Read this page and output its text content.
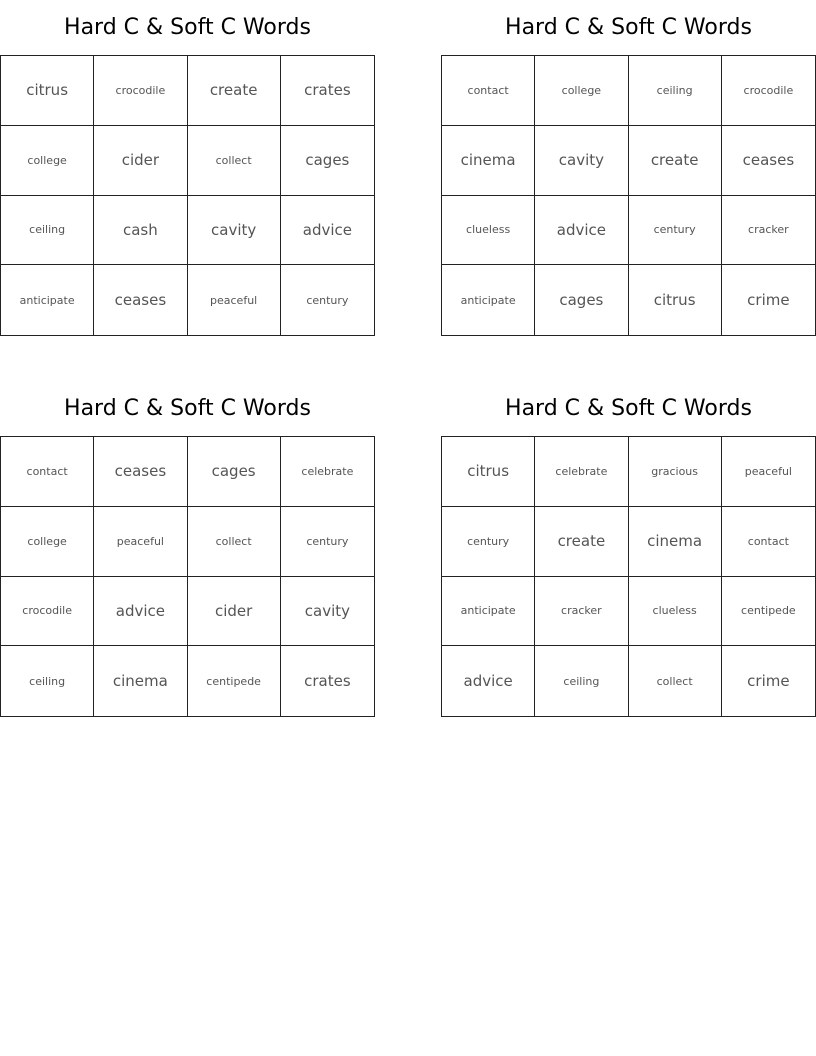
Hard C & Soft C Words
citrus	crocodile	create	crates
college	cider	collect	cages
ceiling	cash	cavity	advice
anticipate	ceases	peaceful	century
Hard C & Soft C Words
contact	college	ceiling	crocodile
cinema	cavity	create	ceases
clueless	advice	century	cracker
anticipate	cages	citrus	crime
Hard C & Soft C Words
contact	ceases	cages	celebrate
college	peaceful	collect	century
crocodile	advice	cider	cavity
ceiling	cinema	centipede	crates
Hard C & Soft C Words
citrus	celebrate	gracious	peaceful
century	create	cinema	contact
anticipate	cracker	clueless	centipede
advice	ceiling	collect	crime
